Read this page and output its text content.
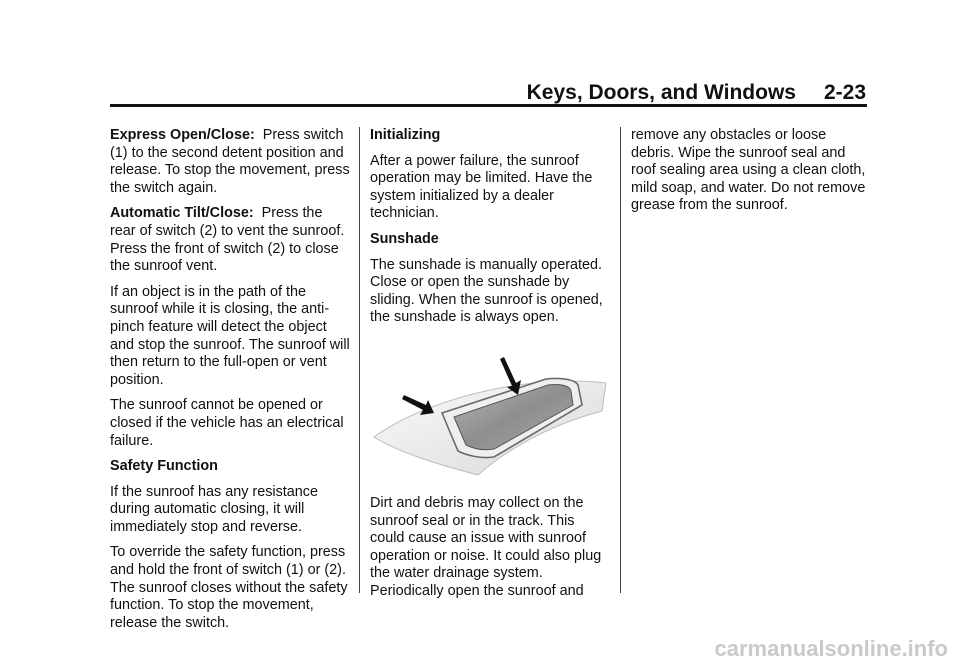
Keys, Doors, and Windows 2-23

Express Open/Close: Press switch (1) to the second detent position and release. To stop the movement, press the switch again.

Automatic Tilt/Close: Press the rear of switch (2) to vent the sunroof. Press the front of switch (2) to close the sunroof vent.

If an object is in the path of the sunroof while it is closing, the anti-pinch feature will detect the object and stop the sunroof. The sunroof will then return to the full-open or vent position.

The sunroof cannot be opened or closed if the vehicle has an electrical failure.

Safety Function

If the sunroof has any resistance during automatic closing, it will immediately stop and reverse.

To override the safety function, press and hold the front of switch (1) or (2). The sunroof closes without the safety function. To stop the movement, release the switch.

Initializing

After a power failure, the sunroof operation may be limited. Have the system initialized by a dealer technician.

Sunshade

The sunshade is manually operated. Close or open the sunshade by sliding. When the sunroof is opened, the sunshade is always open.

Dirt and debris may collect on the sunroof seal or in the track. This could cause an issue with sunroof operation or noise. It could also plug the water drainage system. Periodically open the sunroof and

remove any obstacles or loose debris. Wipe the sunroof seal and roof sealing area using a clean cloth, mild soap, and water. Do not remove grease from the sunroof.

carmanualsonline.info
